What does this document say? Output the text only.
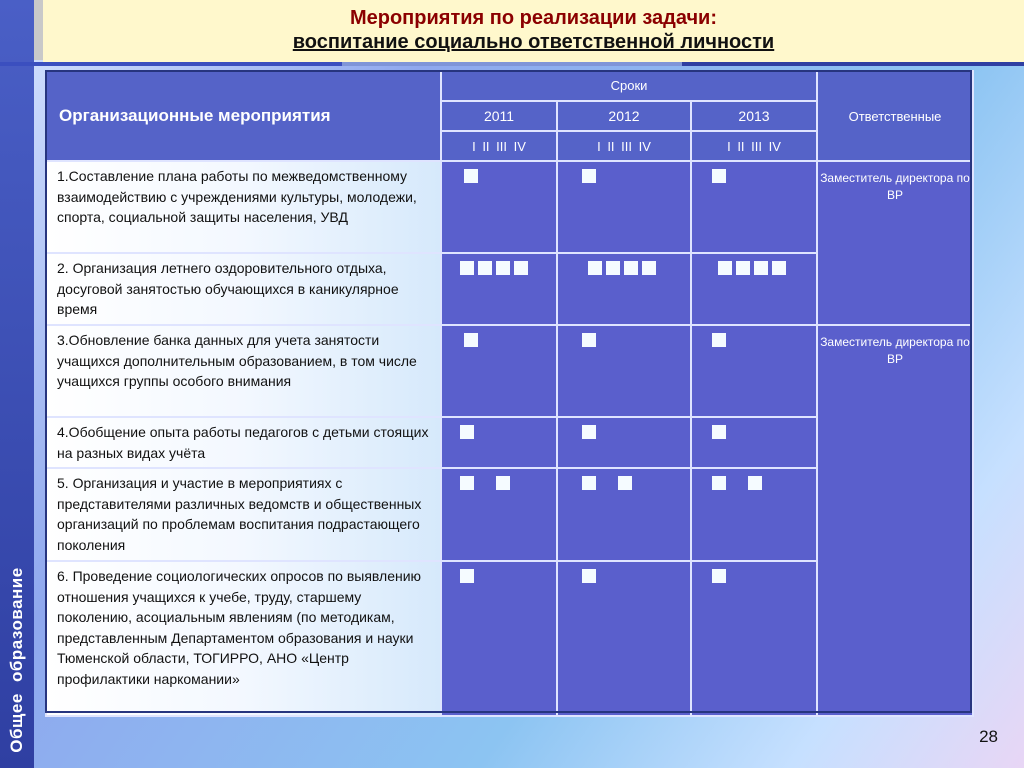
Общее образование
Мероприятия по реализации задачи:
воспитание социально ответственной личности
Организационные мероприятия	Сроки			Ответственные
	2011	2012	2013	
	I II III IV	I II III IV	I II III IV	
1.Составление плана работы по межведомственному взаимодействию с учреждениями культуры, молодежи, спорта, социальной защиты населения, УВД				Заместитель директора по ВР
2. Организация летнего оздоровительного отдыха, досуговой занятостью обучающихся в каникулярное время		

3.Обновление банка данных для учета занятости учащихся дополнительным образованием, в том числе учащихся группы особого внимания				Заместитель директора по ВР
4.Обобщение опыта работы педагогов с детьми стоящих на разных видах учёта		

5. Организация и участие в мероприятиях с представителями различных ведомств и общественных организаций по проблемам воспитания подрастающего поколения		

6. Проведение социологических опросов по выявлению отношения учащихся к учебе, труду, старшему поколению, асоциальным явлениям (по методикам, представленным Департаментом образования и науки Тюменской области, ТОГИРРО, АНО «Центр профилактики наркомании»		

28
